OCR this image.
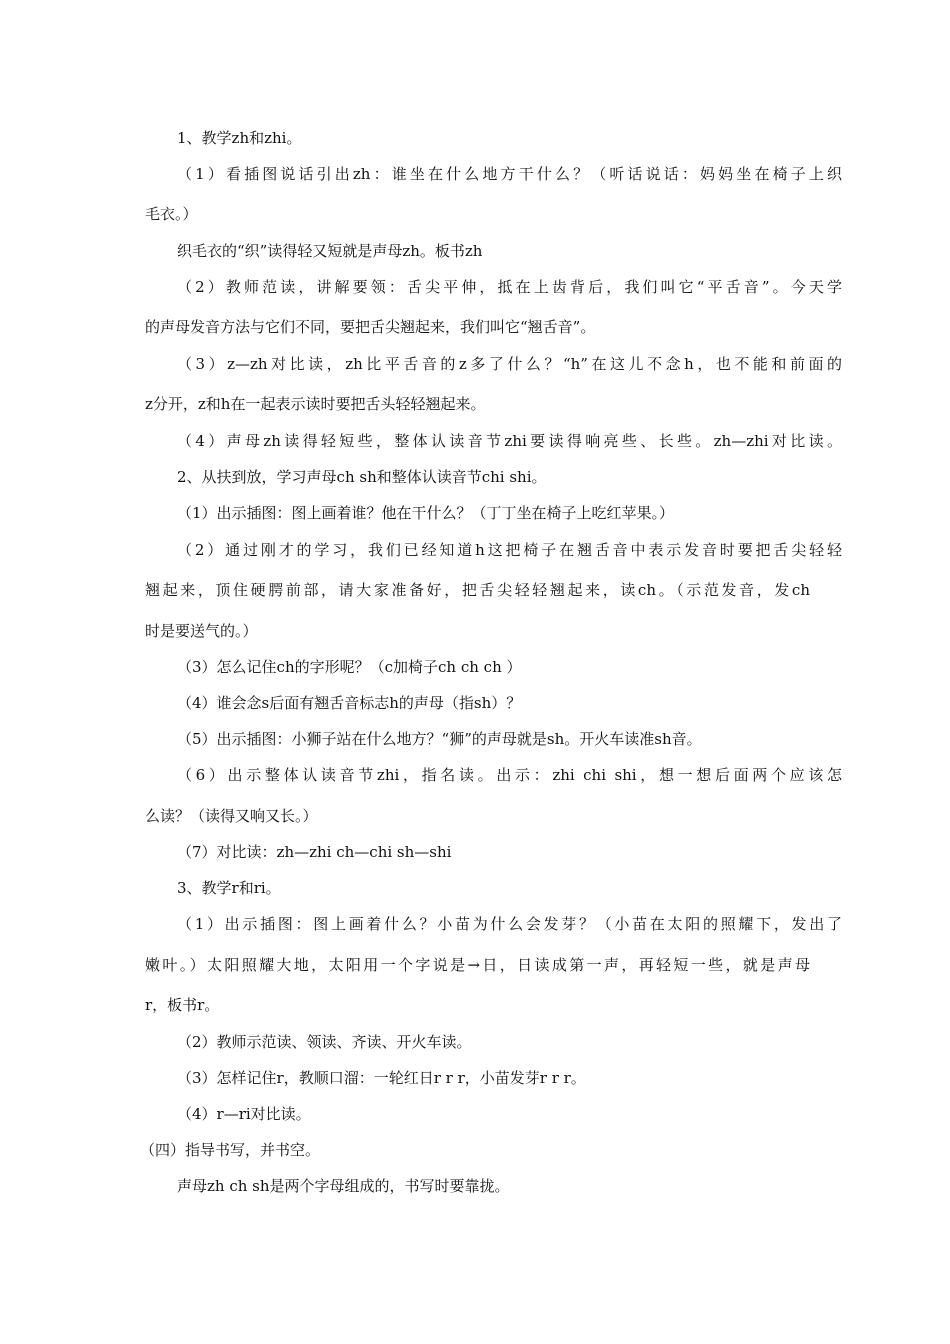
1、教学zh和zhi。
（1）看插图说话引出zh：谁坐在什么地方干什么？（听话说话：妈妈坐在椅子上织
毛衣。）
织毛衣的“织”读得轻又短就是声母zh。板书zh
（2）教师范读，讲解要领：舌尖平伸，抵在上齿背后，我们叫它“平舌音”。今天学
的声母发音方法与它们不同，要把舌尖翘起来，我们叫它“翘舌音”。
（3）z—zh对比读，zh比平舌音的z多了什么？“h”在这儿不念h，也不能和前面的
z分开，z和h在一起表示读时要把舌头轻轻翘起来。
（4）声母zh读得轻短些，整体认读音节zhi要读得响亮些、长些。zh—zhi对比读。
2、从扶到放，学习声母ch sh和整体认读音节chi shi。
（1）出示插图：图上画着谁？他在干什么？（丁丁坐在椅子上吃红苹果。）
（2）通过刚才的学习，我们已经知道h这把椅子在翘舌音中表示发音时要把舌尖轻轻
翘起来，顶住硬腭前部，请大家准备好，把舌尖轻轻翘起来，读ch。（示范发音，发ch
时是要送气的。）
（3）怎么记住ch的字形呢？（c加椅子ch ch ch ）
（4）谁会念s后面有翘舌音标志h的声母（指sh）？
（5）出示插图：小狮子站在什么地方？“狮”的声母就是sh。开火车读准sh音。
（6）出示整体认读音节zhi，指名读。出示：zhi chi shi，想一想后面两个应该怎
么读？（读得又响又长。）
（7）对比读：zh—zhi ch—chi sh—shi
3、教学r和ri。
（1）出示插图：图上画着什么？小苗为什么会发芽？（小苗在太阳的照耀下，发出了
嫩叶。）太阳照耀大地，太阳用一个字说是→日，日读成第一声，再轻短一些，就是声母
r，板书r。
（2）教师示范读、领读、齐读、开火车读。
（3）怎样记住r，教顺口溜：一轮红日r r r，小苗发芽r r r。
（4）r—ri对比读。
（四）指导书写，并书空。
声母zh ch sh是两个字母组成的，书写时要靠拢。
